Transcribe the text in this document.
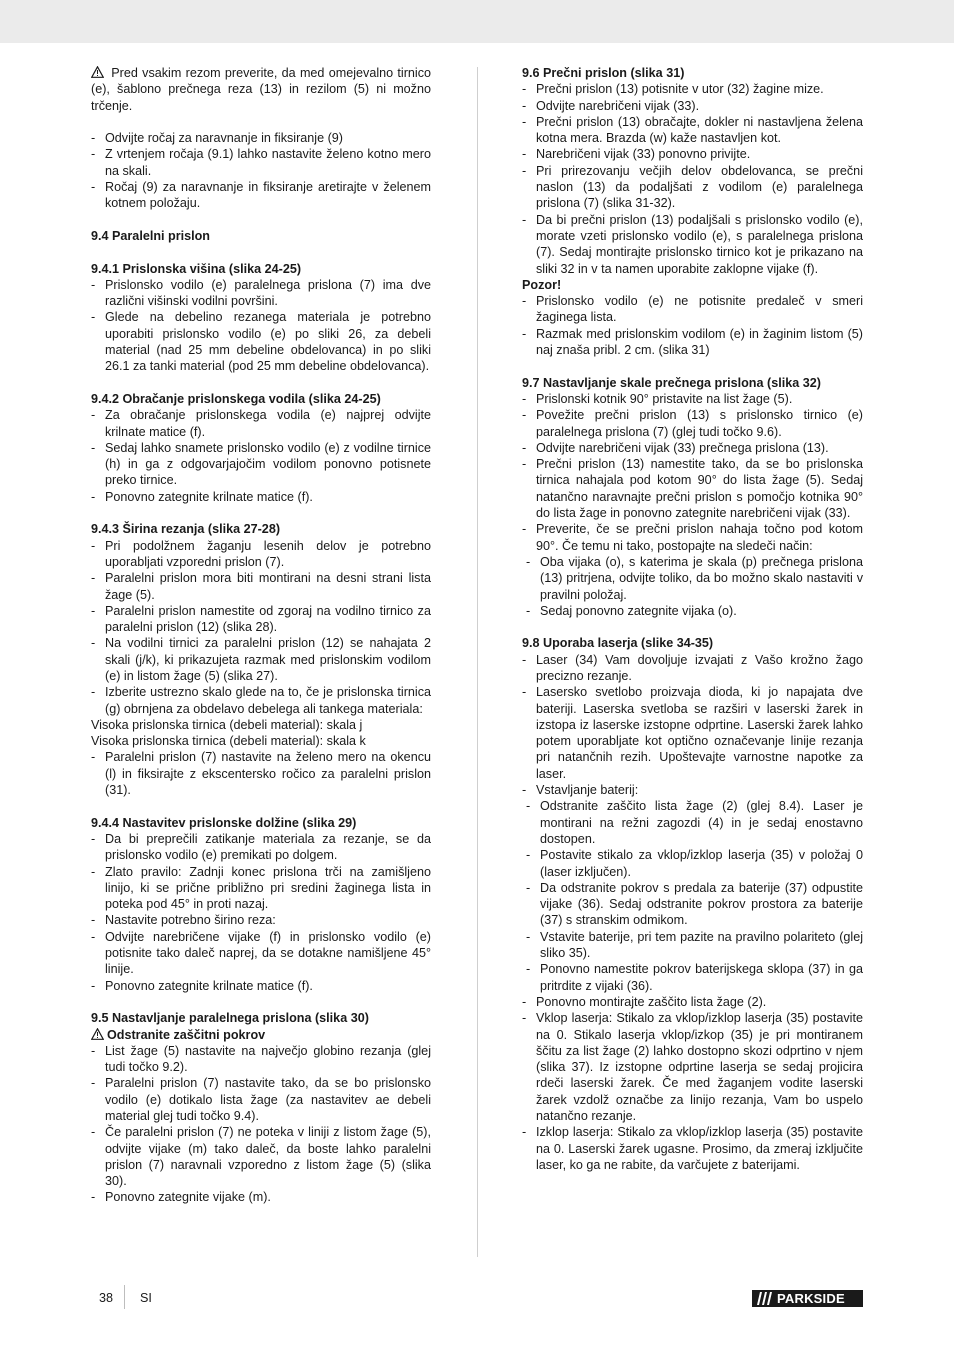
Pred vsakim rezom preverite, da med omejevalno tirnico (e), šablono prečnega reza (13) in rezilom (5) ni možno trčenje.

- Odvijte ročaj za naravnanje in fiksiranje (9)
- Z vrtenjem ročaja (9.1) lahko nastavite želeno kotno mero na skali.
- Ročaj (9) za naravnanje in fiksiranje aretirajte v želenem kotnem položaju.
9.4 Paralelni prislon
9.4.1 Prislonska višina (slika 24-25)
- Prislonsko vodilo (e) paralelnega prislona (7) ima dve različni višinski vodilni površini.
- Glede na debelino rezanega materiala je potrebno uporabiti prislonsko vodilo (e) po sliki 26, za debeli material (nad 25 mm debeline obdelovanca) in po sliki 26.1 za tanki material (pod 25 mm debeline obdelovanca).
9.4.2 Obračanje prislonskega vodila (slika 24-25)
- Za obračanje prislonskega vodila (e) najprej odvijte krilnate matice (f).
- Sedaj lahko snamete prislonsko vodilo (e) z vodilne tirnice (h) in ga z odgovarjajočim vodilom ponovno potisnete preko tirnice.
- Ponovno zategnite krilnate matice (f).
9.4.3 Širina rezanja (slika 27-28)
- Pri podolžnem žaganju lesenih delov je potrebno uporabljati vzporedni prislon (7).
- Paralelni prislon mora biti montirani na desni strani lista žage (5).
- Paralelni prislon namestite od zgoraj na vodilno tirnico za paralelni prislon (12) (slika 28).
- Na vodilni tirnici za paralelni prislon (12) se nahajata 2 skali (j/k), ki prikazujeta razmak med prislonskim vodilom (e) in listom žage (5) (slika 27).
- Izberite ustrezno skalo glede na to, če je prislonska tirnica (g) obrnjena za obdelavo debelega ali tankega materiala:

Visoka prislonska tirnica (debeli material): skala j

Visoka prislonska tirnica (debeli material): skala k

- Paralelni prislon (7) nastavite na želeno mero na okencu (l) in fiksirajte z ekscentersko ročico za paralelni prislon (31).
9.4.4 Nastavitev prislonske dolžine (slika 29)
- Da bi preprečili zatikanje materiala za rezanje, se da prislonsko vodilo (e) premikati po dolgem.
- Zlato pravilo: Zadnji konec prislona trči na zamišljeno linijo, ki se prične približno pri sredini žaginega lista in poteka pod 45° in proti nazaj.
- Nastavite potrebno širino reza:
- Odvijte narebričene vijake (f) in prislonsko vodilo (e) potisnite tako daleč naprej, da se dotakne namišljene 45° linije.
- Ponovno zategnite krilnate matice (f).
9.5 Nastavljanje paralelnega prislona (slika 30)
Odstranite zaščitni pokrov
- List žage (5) nastavite na največjo globino rezanja (glej tudi točko 9.2).
- Paralelni prislon (7) nastavite tako, da se bo prislonsko vodilo (e) dotikalo lista žage (za nastavitev ae debeli material glej tudi točko 9.4).
- Če paralelni prislon (7) ne poteka v liniji z listom žage (5), odvijte vijake (m) tako daleč, da boste lahko paralelni prislon (7) naravnali vzporedno z listom žage (5) (slika 30).
- Ponovno zategnite vijake (m).
9.6 Prečni prislon (slika 31)
- Prečni prislon (13) potisnite v utor (32) žagine mize.
- Odvijte narebričeni vijak (33).
- Prečni prislon (13) obračajte, dokler ni nastavljena želena kotna mera. Brazda (w) kaže nastavljen kot.
- Narebričeni vijak (33) ponovno privijte.
- Pri prirezovanju večjih delov obdelovanca, se prečni naslon (13) da podaljšati z vodilom (e) paralelnega prislona (7) (slika 31-32).
- Da bi prečni prislon (13) podaljšali s prislonsko vodilo (e), morate vzeti prislonsko vodilo (e), s paralelnega prislona (7). Sedaj montirajte prislonsko tirnico kot je prikazano na sliki 32 in v ta namen uporabite zaklopne vijake (f).
Pozor!
- Prislonsko vodilo (e) ne potisnite predaleč v smeri žaginega lista.
- Razmak med prislonskim vodilom (e) in žaginim listom (5) naj znaša pribl. 2 cm. (slika 31)
9.7 Nastavljanje skale prečnega prislona (slika 32)
- Prislonski kotnik 90° pristavite na list žage (5).
- Povežite prečni prislon (13) s prislonsko tirnico (e) paralelnega prislona (7) (glej tudi točko 9.6).
- Odvijte narebričeni vijak (33) prečnega prislona (13).
- Prečni prislon (13) namestite tako, da se bo prislonska tirnica nahajala pod kotom 90° do lista žage (5). Sedaj natančno naravnajte prečni prislon s pomočjo kotnika 90° do lista žage in ponovno zategnite narebričeni vijak (33).
- Preverite, če se prečni prislon nahaja točno pod kotom 90°. Če temu ni tako, postopajte na sledeči način:
- Oba vijaka (o), s katerima je skala (p) prečnega prislona (13) pritrjena, odvijte toliko, da bo možno skalo nastaviti v pravilni položaj.
- Sedaj ponovno zategnite vijaka (o).
9.8 Uporaba laserja (slike 34-35)
- Laser (34) Vam dovoljuje izvajati z Vašo krožno žago precizno rezanje.
- Lasersko svetlobo proizvaja dioda, ki jo napajata dve bateriji. Laserska svetloba se razširi v laserski žarek in izstopa iz laserske izstopne odprtine. Laserski žarek lahko potem uporabljate kot optično označevanje linije rezanja pri natančnih rezih. Upoštevajte varnostne napotke za laser.
- Vstavljanje baterij:
- Odstranite zaščito lista žage (2) (glej 8.4). Laser je montirani na režni zagozdi (4) in je sedaj enostavno dostopen.
- Postavite stikalo za vklop/izklop laserja (35) v položaj 0 (laser izključen).
- Da odstranite pokrov s predala za baterije (37) odpustite vijake (36). Sedaj odstranite pokrov prostora za baterije (37) s stranskim odmikom.
- Vstavite baterije, pri tem pazite na pravilno polariteto (glej sliko 35).
- Ponovno namestite pokrov baterijskega sklopa (37) in ga pritrdite z vijaki (36).
- Ponovno montirajte zaščito lista žage (2).
- Vklop laserja: Stikalo za vklop/izklop laserja (35) postavite na 0. Stikalo laserja vklop/izkop (35) je pri montiranem ščitu za list žage (2) lahko dostopno skozi odprtino v njem (slika 37). Iz izstopne odprtine laserja se sedaj projicira rdeči laserski žarek. Če med žaganjem vodite laserski žarek vzdolž označbe za linijo rezanja, Vam bo uspelo natančno rezanje.
- Izklop laserja: Stikalo za vklop/izklop laserja (35) postavite na 0. Laserski žarek ugasne. Prosimo, da zmeraj izključite laser, ko ga ne rabite, da varčujete z baterijami.
38 SI	PARKSIDE
